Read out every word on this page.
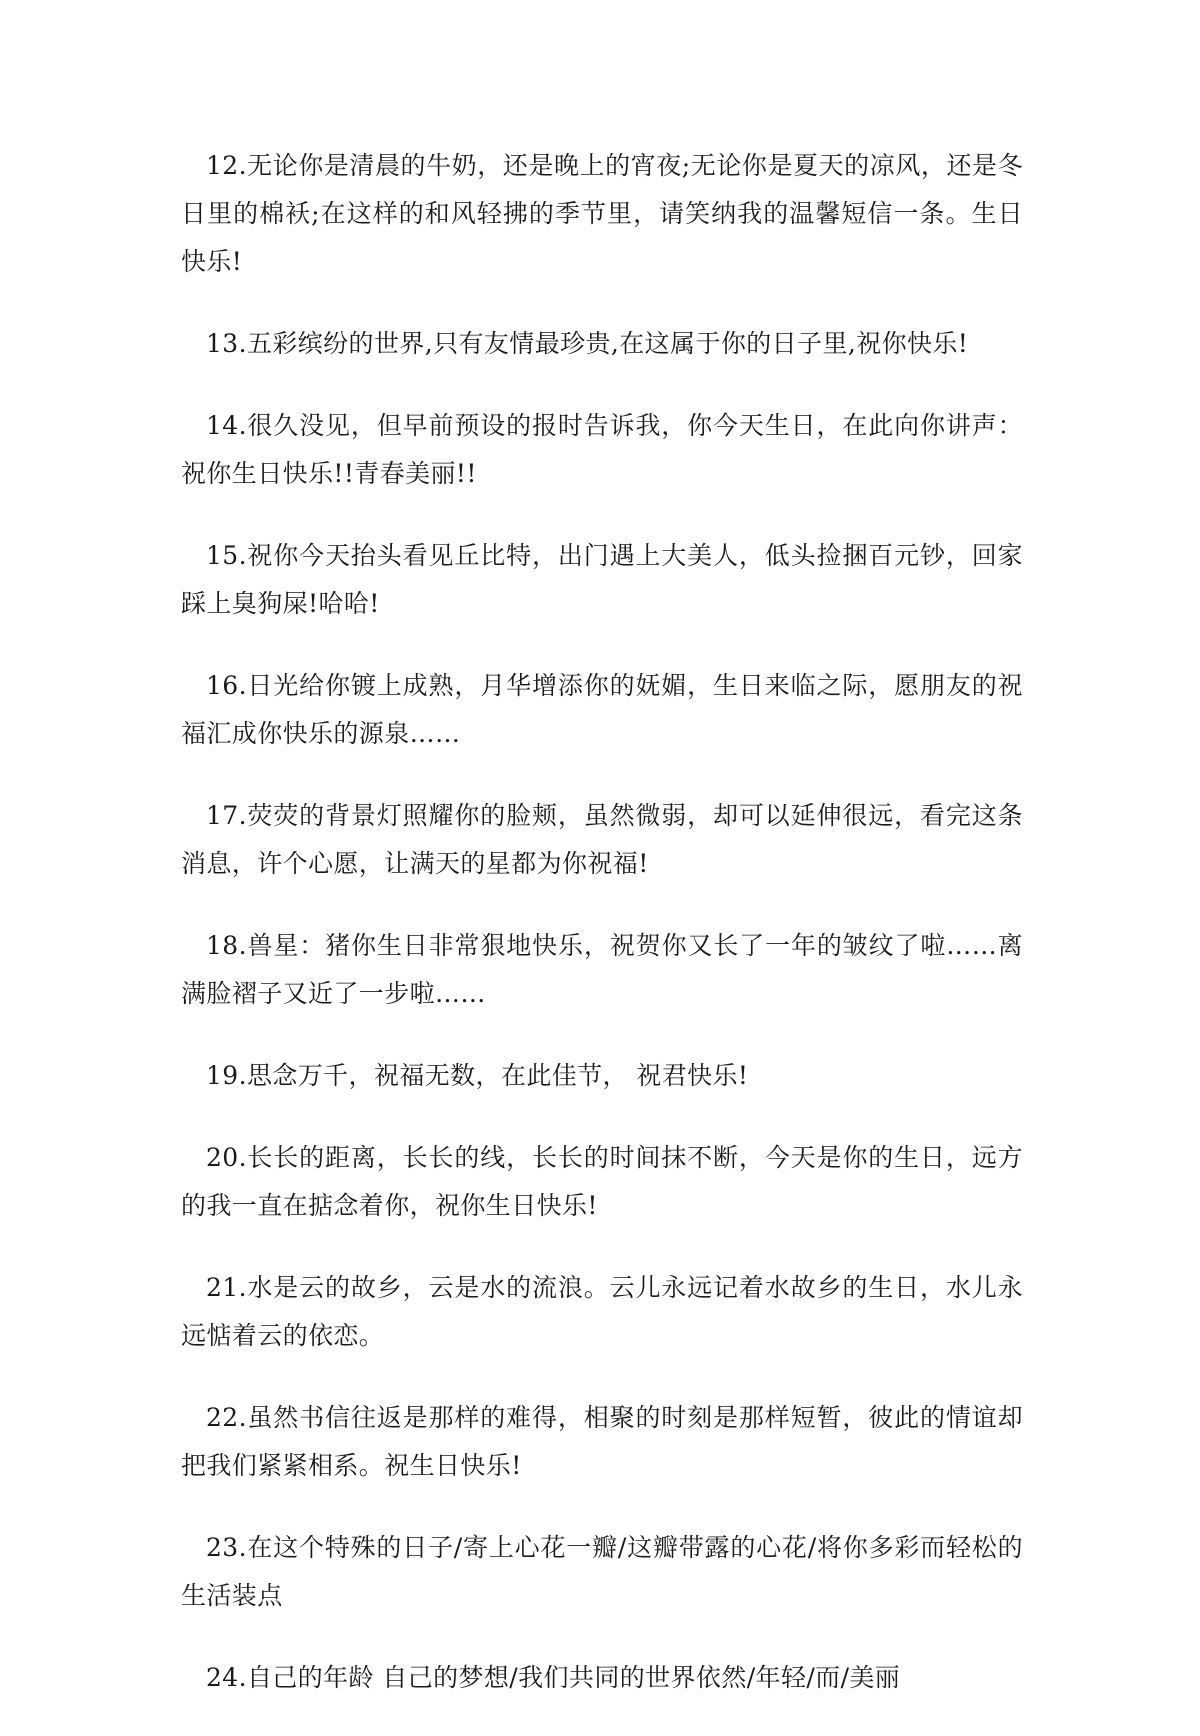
12.无论你是清晨的牛奶，还是晚上的宵夜;无论你是夏天的凉风，还是冬日里的棉袄;在这样的和风轻拂的季节里，请笑纳我的温馨短信一条。生日快乐!

13.五彩缤纷的世界,只有友情最珍贵,在这属于你的日子里,祝你快乐!

14.很久没见，但早前预设的报时告诉我，你今天生日，在此向你讲声：祝你生日快乐!!青春美丽!!

15.祝你今天抬头看见丘比特，出门遇上大美人，低头捡捆百元钞，回家踩上臭狗屎!哈哈!

16.日光给你镀上成熟，月华增添你的妩媚，生日来临之际，愿朋友的祝福汇成你快乐的源泉……

17.荧荧的背景灯照耀你的脸颊，虽然微弱，却可以延伸很远，看完这条消息，许个心愿，让满天的星都为你祝福!

18.兽星：猪你生日非常狠地快乐，祝贺你又长了一年的皱纹了啦……离满脸褶子又近了一步啦……

19.思念万千，祝福无数，在此佳节， 祝君快乐!

20.长长的距离，长长的线，长长的时间抹不断，今天是你的生日，远方的我一直在掂念着你，祝你生日快乐!

21.水是云的故乡，云是水的流浪。云儿永远记着水故乡的生日，水儿永远惦着云的依恋。

22.虽然书信往返是那样的难得，相聚的时刻是那样短暂，彼此的情谊却把我们紧紧相系。祝生日快乐!

23.在这个特殊的日子/寄上心花一瓣/这瓣带露的心花/将你多彩而轻松的生活装点

24.自己的年龄 自己的梦想/我们共同的世界依然/年轻/而/美丽
